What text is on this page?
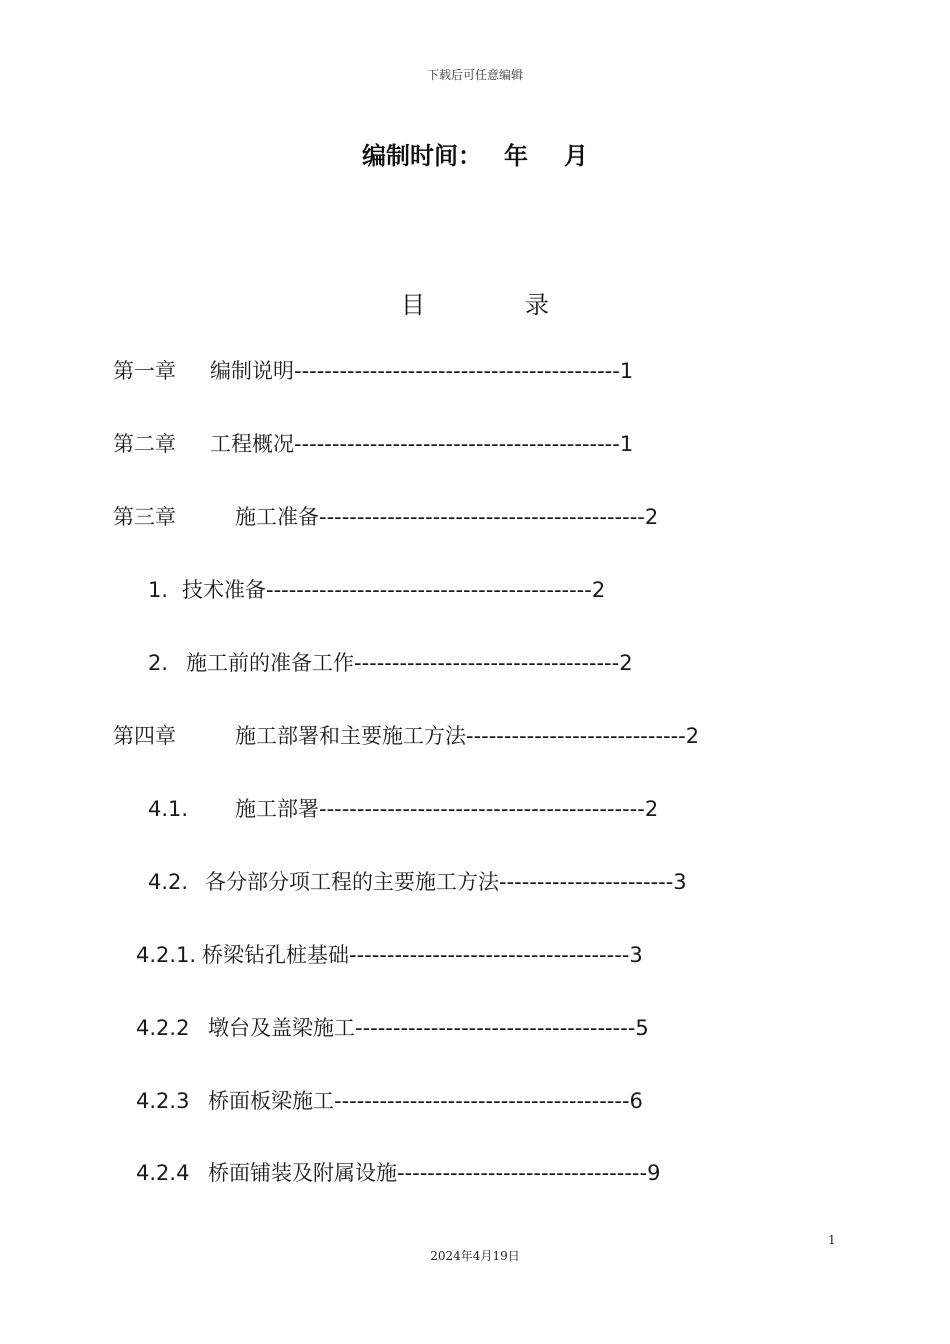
下载后可任意编辑
编制时间： 年 月
目	录
第一章 编制说明-------------------------------------------1
第二章 工程概况-------------------------------------------1
第三章	施工准备-------------------------------------------2
1. 技术准备-------------------------------------------2
2. 施工前的准备工作-----------------------------------2
第四章	施工部署和主要施工方法-----------------------------2
4.1. 施工部署-------------------------------------------2
4.2. 各分部分项工程的主要施工方法-----------------------3
4.2.1. 桥梁钻孔桩基础-------------------------------------3
4.2.2 墩台及盖梁施工-------------------------------------5
4.2.3 桥面板梁施工---------------------------------------6
4.2.4 桥面铺装及附属设施---------------------------------9
1
2024年4月19日
